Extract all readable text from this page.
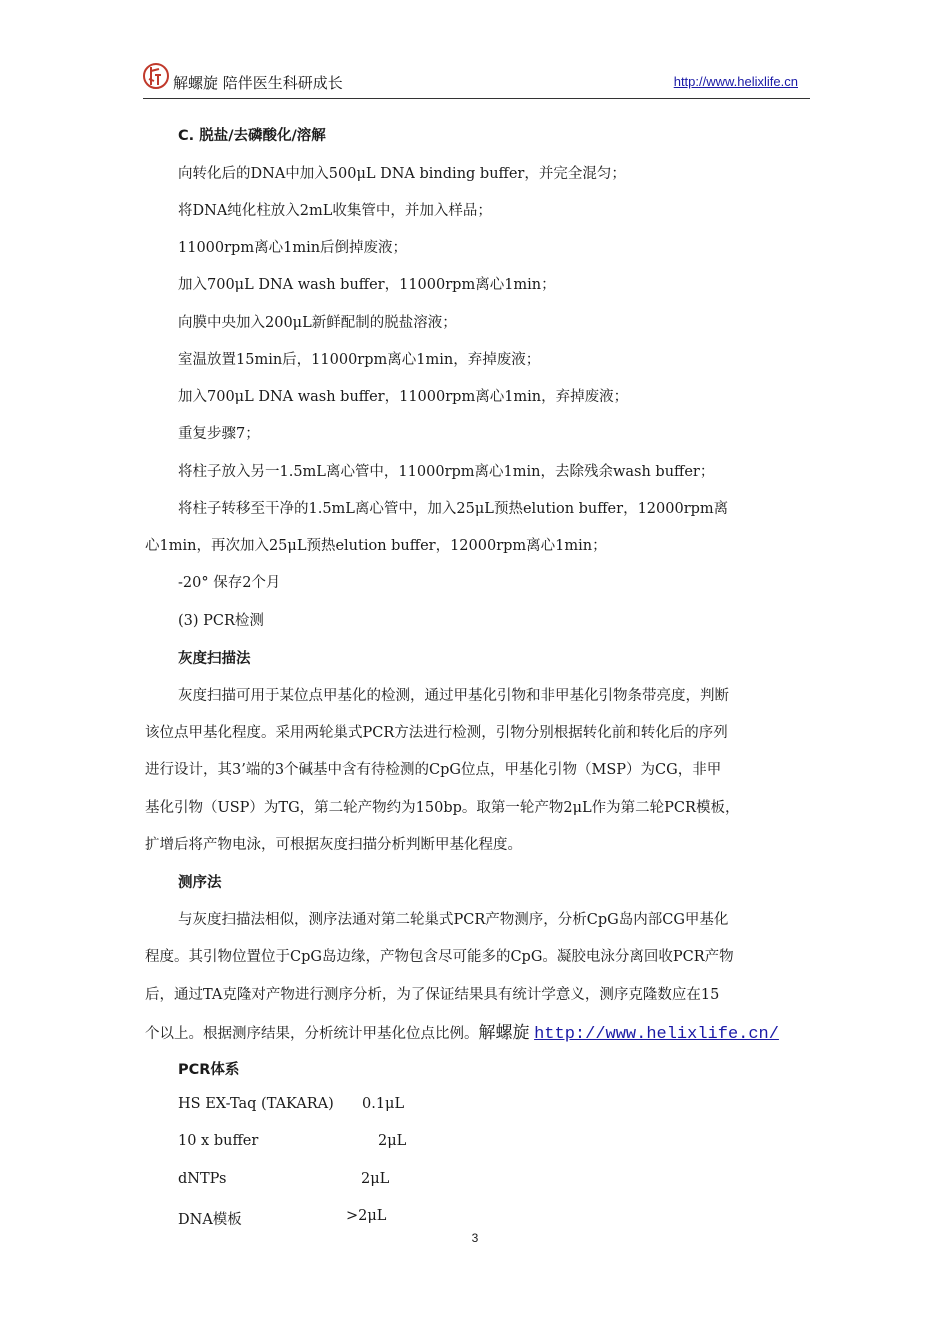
解螺旋 陪伴医生科研成长	http://www.helixlife.cn
C. 脱盐/去磷酸化/溶解
向转化后的DNA中加入500μL DNA binding buffer，并完全混匀；
将DNA纯化柱放入2mL收集管中，并加入样品；
11000rpm离心1min后倒掉废液；
加入700μL DNA wash buffer，11000rpm离心1min；
向膜中央加入200μL新鲜配制的脱盐溶液；
室温放置15min后，11000rpm离心1min，弃掉废液；
加入700μL DNA wash buffer，11000rpm离心1min，弃掉废液；
重复步骤7；
将柱子放入另一1.5mL离心管中，11000rpm离心1min，去除残余wash buffer；
将柱子转移至干净的1.5mL离心管中，加入25μL预热elution buffer，12000rpm离
心1min，再次加入25μL预热elution buffer，12000rpm离心1min；
-20° 保存2个月
(3) PCR检测
灰度扫描法
灰度扫描可用于某位点甲基化的检测，通过甲基化引物和非甲基化引物条带亮度，判断
该位点甲基化程度。采用两轮巢式PCR方法进行检测，引物分别根据转化前和转化后的序列
进行设计，其3’端的3个碱基中含有待检测的CpG位点，甲基化引物（MSP）为CG，非甲
基化引物（USP）为TG，第二轮产物约为150bp。取第一轮产物2μL作为第二轮PCR模板，
扩增后将产物电泳，可根据灰度扫描分析判断甲基化程度。
测序法
与灰度扫描法相似，测序法通对第二轮巢式PCR产物测序，分析CpG岛内部CG甲基化
程度。其引物位置位于CpG岛边缘，产物包含尽可能多的CpG。凝胶电泳分离回收PCR产物
后，通过TA克隆对产物进行测序分析，为了保证结果具有统计学意义，测序克隆数应在15
个以上。根据测序结果，分析统计甲基化位点比例。解螺旋 http://www.helixlife.cn/
PCR体系
HS EX-Taq (TAKARA) 0.1μL
10 x buffer	2μL
dNTPs	2μL
DNA模板	>2μL
3
